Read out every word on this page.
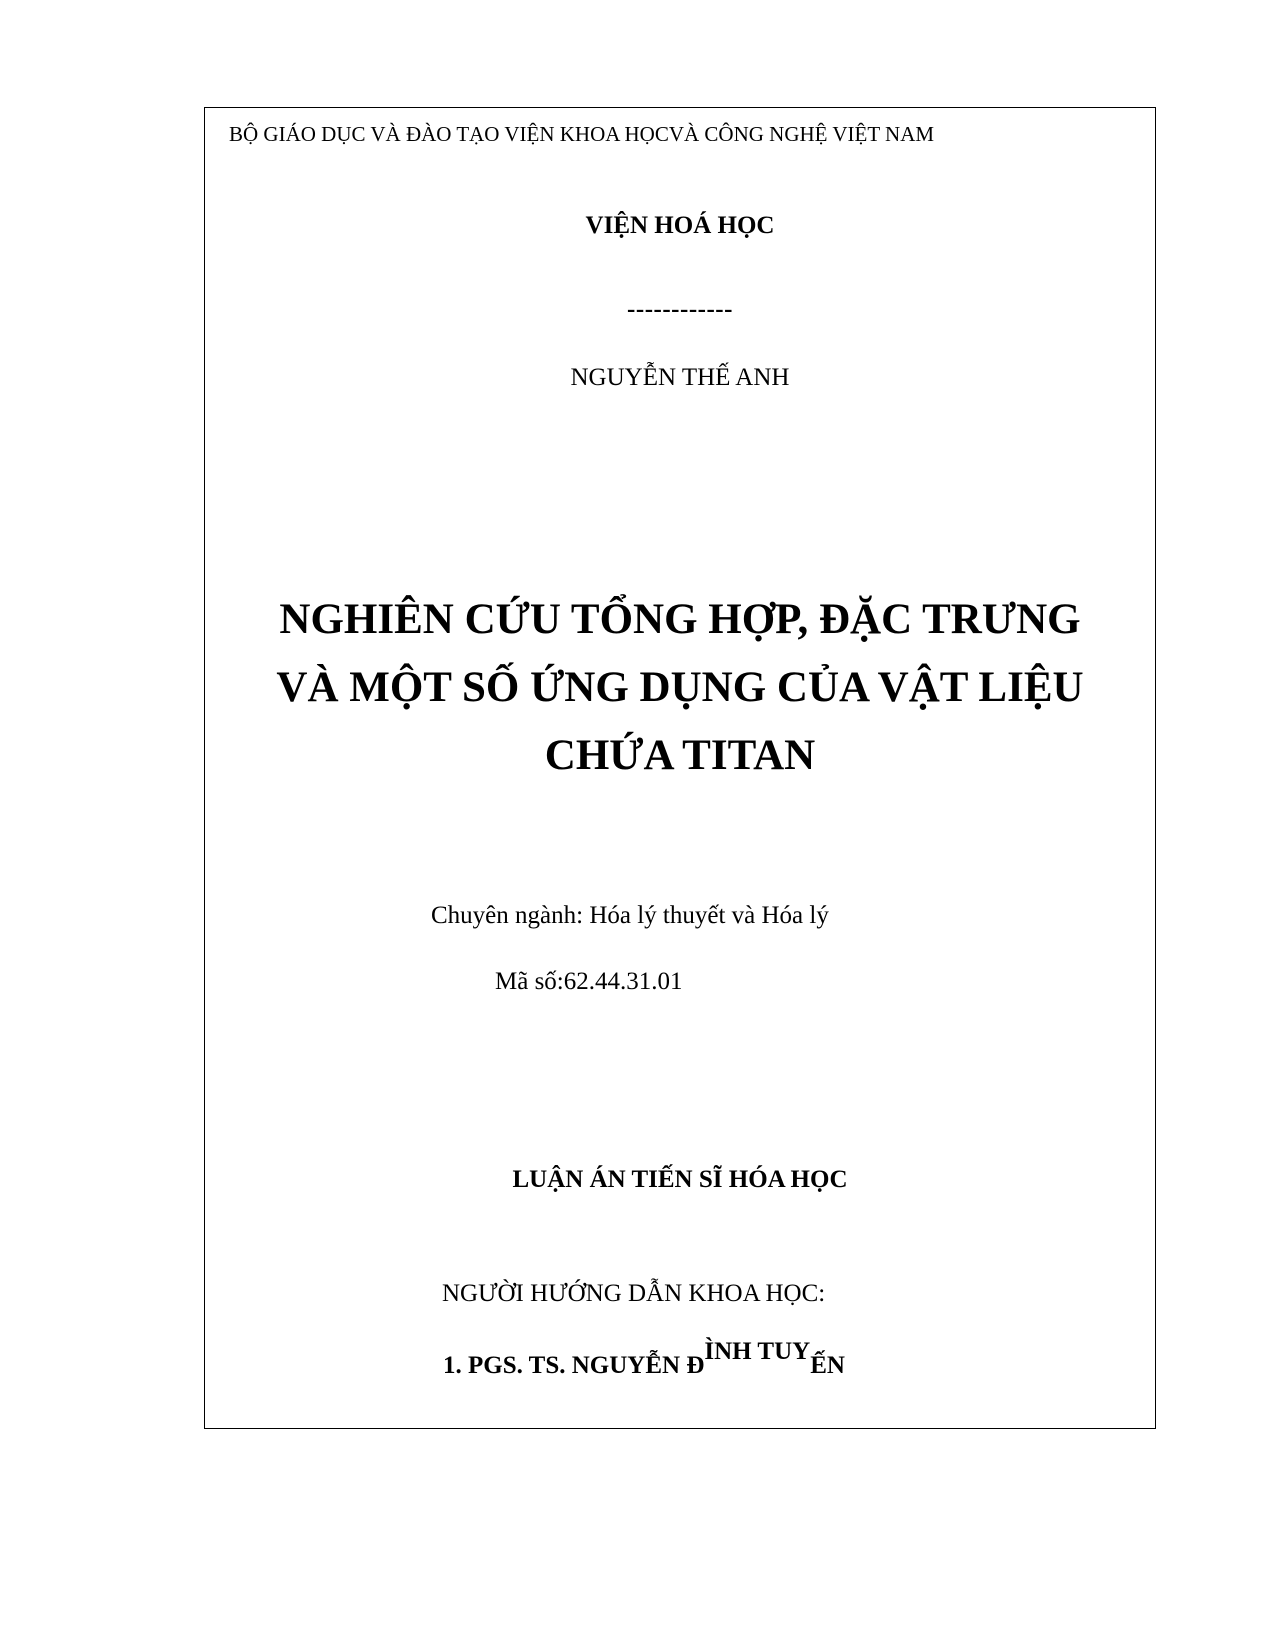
BỘ GIÁO DỤC VÀ ĐÀO TẠO VIỆN KHOA HỌCVÀ CÔNG NGHỆ VIỆT NAM
VIỆN HOÁ HỌC
------------
NGUYỄN THẾ ANH
NGHIÊN CỨU TỔNG HỢP, ĐẶC TRƯNG
VÀ MỘT SỐ ỨNG DỤNG CỦA VẬT LIỆU
CHỨA TITAN
Chuyên ngành: Hóa lý thuyết và Hóa lý
Mã số:62.44.31.01
LUẬN ÁN TIẾN SĨ HÓA HỌC
NGƯỜI HƯỚNG DẪN KHOA HỌC:
1. PGS. TS. NGUYỄN ĐÌNH TUYẾN
